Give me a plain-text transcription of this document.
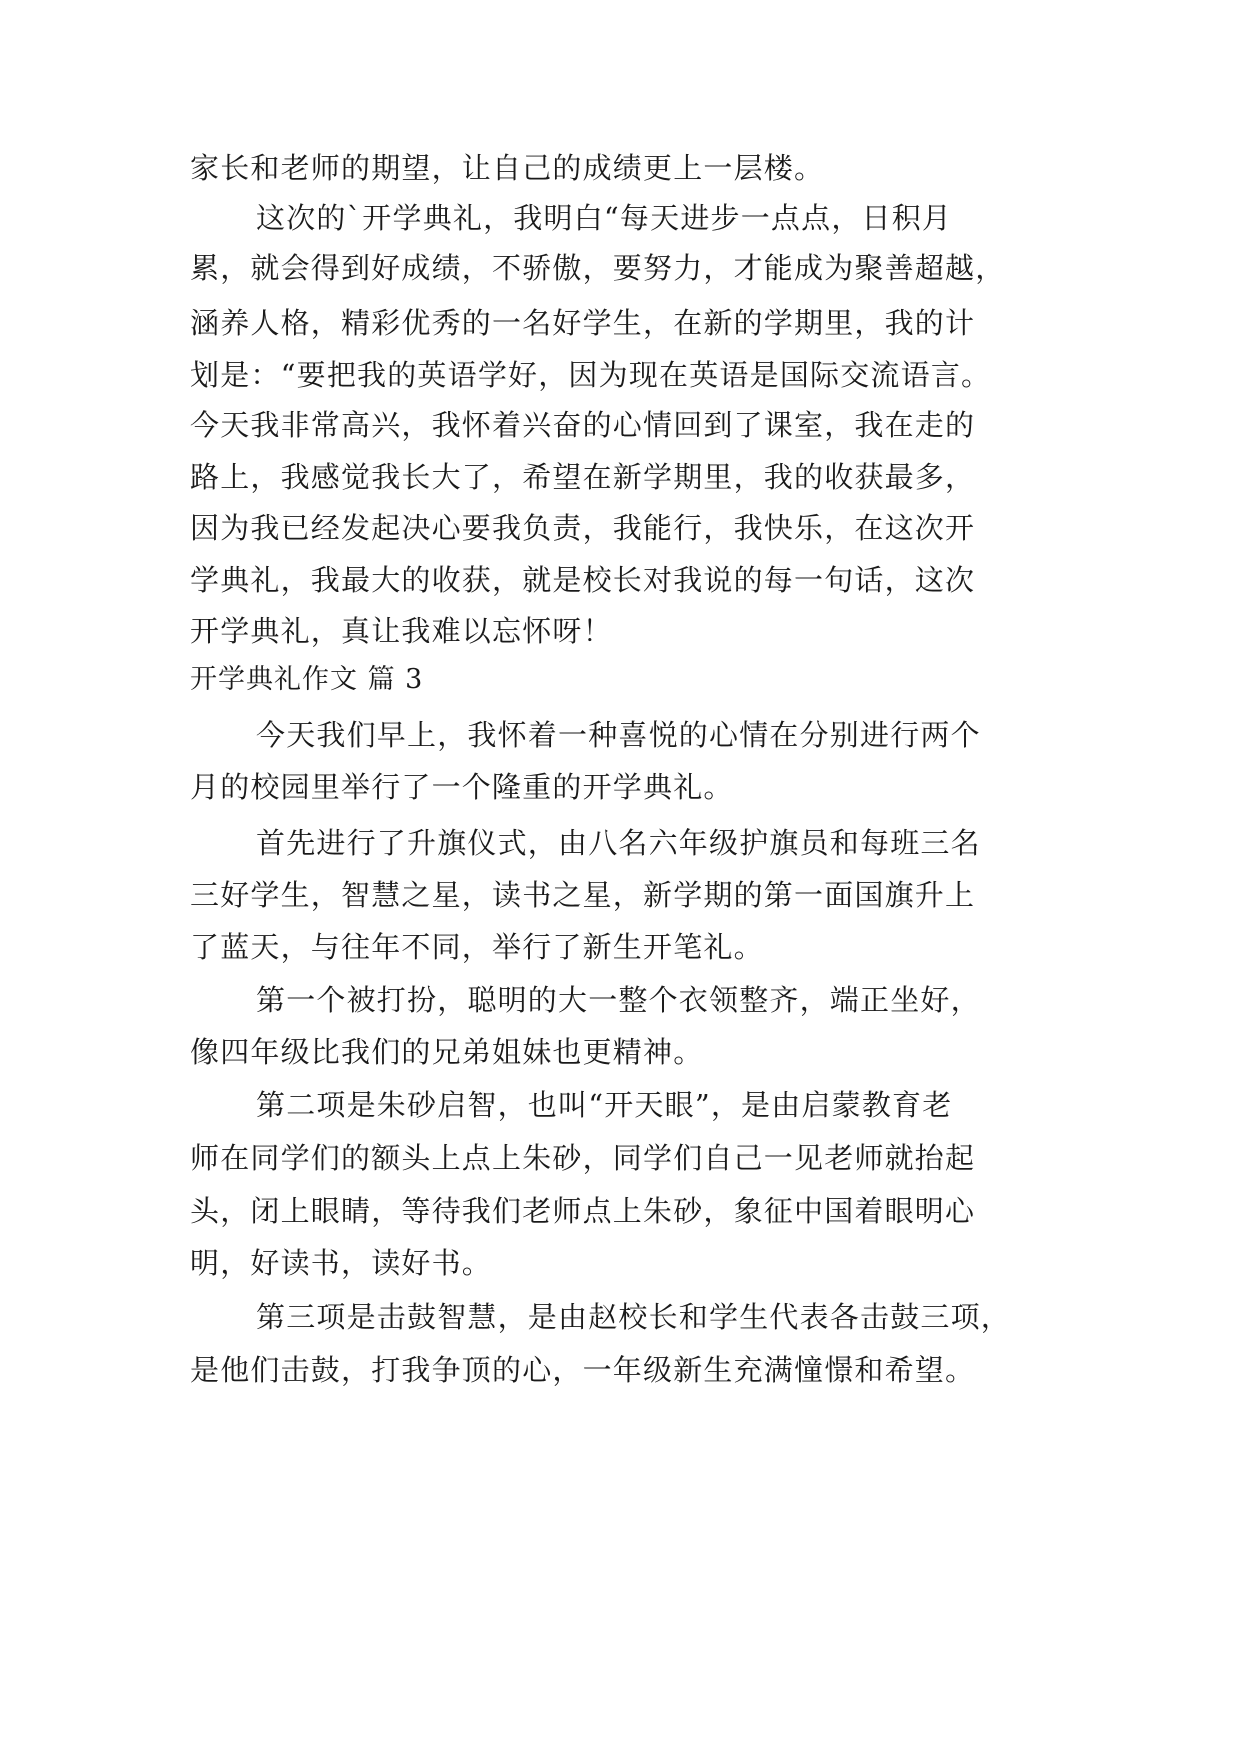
家长和老师的期望，让自己的成绩更上一层楼。
这次的`开学典礼，我明白“每天进步一点点，日积月
累，就会得到好成绩，不骄傲，要努力，才能成为聚善超越，
涵养人格，精彩优秀的一名好学生，在新的学期里，我的计
划是：“要把我的英语学好，因为现在英语是国际交流语言。
今天我非常高兴，我怀着兴奋的心情回到了课室，我在走的
路上，我感觉我长大了，希望在新学期里，我的收获最多，
因为我已经发起决心要我负责，我能行，我快乐，在这次开
学典礼，我最大的收获，就是校长对我说的每一句话，这次
开学典礼，真让我难以忘怀呀！
开学典礼作文 篇 3
今天我们早上，我怀着一种喜悦的心情在分别进行两个
月的校园里举行了一个隆重的开学典礼。
首先进行了升旗仪式，由八名六年级护旗员和每班三名
三好学生，智慧之星，读书之星，新学期的第一面国旗升上
了蓝天，与往年不同，举行了新生开笔礼。
第一个被打扮，聪明的大一整个衣领整齐，端正坐好，
像四年级比我们的兄弟姐妹也更精神。
第二项是朱砂启智，也叫“开天眼”，是由启蒙教育老
师在同学们的额头上点上朱砂，同学们自己一见老师就抬起
头，闭上眼睛，等待我们老师点上朱砂，象征中国着眼明心
明，好读书，读好书。
第三项是击鼓智慧，是由赵校长和学生代表各击鼓三项，
是他们击鼓，打我争顶的心，一年级新生充满憧憬和希望。
